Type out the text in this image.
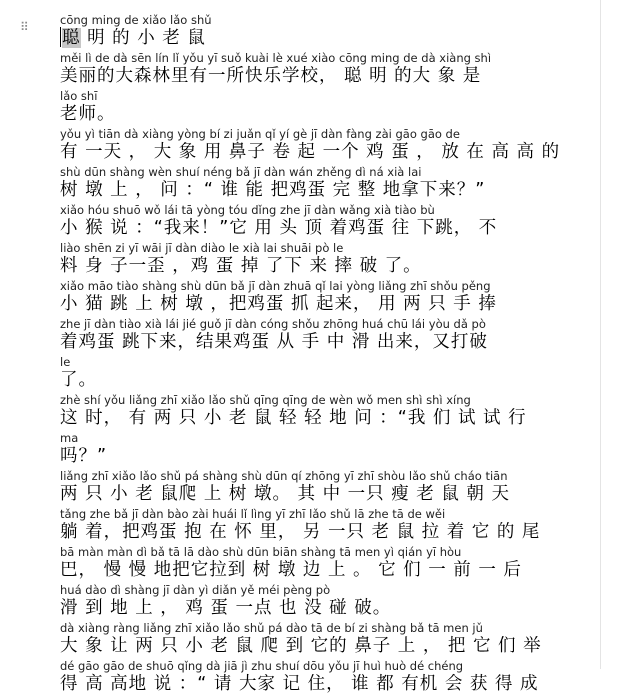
⠿	cōng ming de xiǎo lǎo shǔ
聪 明 的 小 老 鼠
měi lì de dà sēn lín lǐ yǒu yī suǒ kuài lè xué xiào cōng ming de dà xiàng shì
美丽的大森林里有一所快乐学校， 聪 明 的大 象 是
lǎo shī
老师。
yǒu yì tiān dà xiàng yòng bí zi juǎn qǐ yí gè jī dàn fàng zài gāo gāo de
有 一天 ， 大 象 用 鼻子 卷 起 一个 鸡 蛋 ， 放 在 高 高 的
shù dūn shàng wèn shuí néng bǎ jī dàn wán zhěng dì ná xià lai
树 墩 上 ， 问 ：“ 谁 能 把鸡蛋 完 整 地拿下来？”
xiǎo hóu shuō wǒ lái tā yòng tóu dǐng zhe jī dàn wǎng xià tiào bù
小 猴 说 ：“我来！”它 用 头 顶 着鸡蛋 往 下跳， 不
liào shēn zi yī wāi jī dàn diào le xià lai shuāi pò le
料 身 子一歪 ，鸡 蛋 掉 了下 来 摔 破 了。
xiǎo māo tiào shàng shù dūn bǎ jī dàn zhuā qǐ lai yòng liǎng zhī shǒu pěng
小 猫 跳 上 树 墩 ，把鸡蛋 抓 起来， 用 两 只 手 捧
zhe jī dàn tiào xià lái jié guǒ jī dàn cóng shǒu zhōng huá chū lái yòu dǎ pò
着鸡蛋 跳下来，结果鸡蛋 从 手 中 滑 出来，又打破
le
了。
zhè shí yǒu liǎng zhī xiǎo lǎo shǔ qīng qīng de wèn wǒ men shì shì xíng
这 时， 有 两 只 小 老 鼠 轻 轻 地 问 ：“我 们 试 试 行
ma
吗？”
liǎng zhī xiǎo lǎo shǔ pá shàng shù dūn qí zhōng yī zhī shòu lǎo shǔ cháo tiān
两 只 小 老 鼠爬 上 树 墩。 其 中 一只 瘦 老 鼠 朝 天
tǎng zhe bǎ jī dàn bào zài huái lǐ lìng yī zhī lǎo shǔ lā zhe tā de wěi
躺 着，把鸡蛋 抱 在 怀 里， 另 一只 老 鼠 拉 着 它 的 尾
bā màn màn dì bǎ tā lā dào shù dūn biān shàng tā men yì qián yī hòu
巴， 慢 慢 地把它拉到 树 墩 边 上 。 它 们 一 前 一 后
huá dào dì shàng jī dàn yì diǎn yě méi pèng pò
滑 到 地 上 ， 鸡 蛋 一点 也 没 碰 破。
dà xiàng ràng liǎng zhī xiǎo lǎo shǔ pá dào tā de bí zi shàng bǎ tā men jǔ
大 象 让 两 只 小 老 鼠 爬 到 它的 鼻子 上 ， 把 它 们 举
dé gāo gāo de shuō qǐng dà jiā jì zhu shuí dōu yǒu jī huì huò dé chéng
得 高 高地 说 ：“ 请 大家 记 住， 谁 都 有机 会 获 得 成
